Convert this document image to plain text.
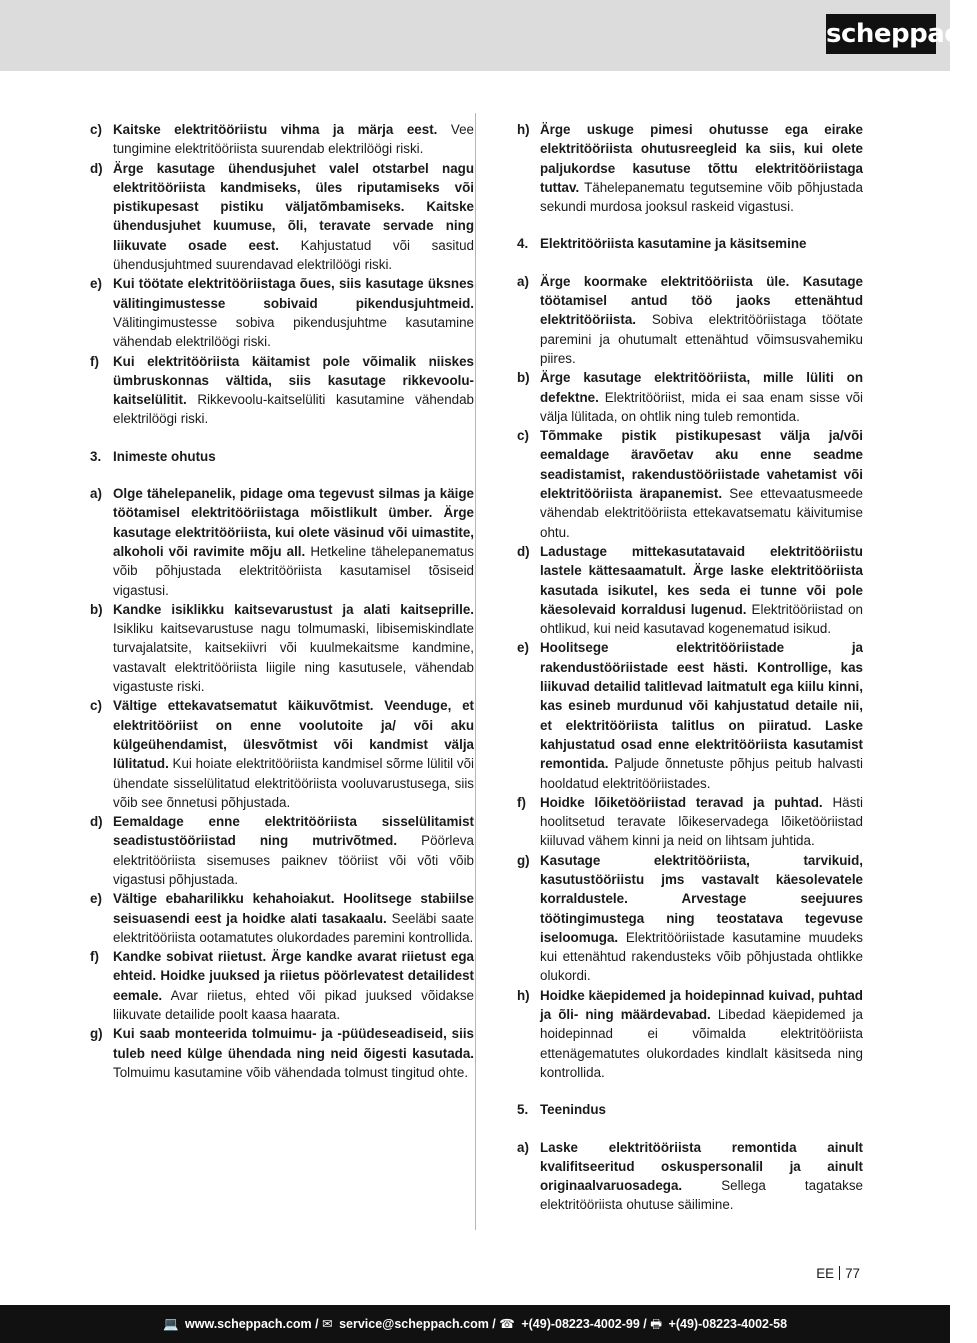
scheppach
c) Kaitske elektritööriistu vihma ja märja eest. Vee tungimine elektritööriista suurendab elektrilöögi riski.

d) Ärge kasutage ühendusjuhet valel otstarbel nagu elektritööriista kandmiseks, üles riputamiseks või pistikupesast pistiku väljatõmbamiseks. Kaitske ühendusjuhet kuumuse, õli, teravate servade ning liikuvate osade eest. Kahjustatud või sasitud ühendusjuhtmed suurendavad elektrilöögi riski.

e) Kui töötate elektritööriistaga õues, siis kasutage üksnes välitingimustesse sobivaid pikendusjuhtmeid. Välitingimustesse sobiva pikendusjuhtme kasutamine vähendab elektrilöögi riski.

f) Kui elektritööriista käitamist pole võimalik niiskes ümbruskonnas vältida, siis kasutage rikkevoolu-kaitselülitit. Rikkevoolu-kaitselüliti kasutamine vähendab elektrilöögi riski.

3. Inimeste ohutus
a) Olge tähelepanelik, pidage oma tegevust silmas ja käige töötamisel elektritööriistaga mõistlikult ümber. Ärge kasutage elektritööriista, kui olete väsinud või uimastite, alkoholi või ravimite mõju all. Hetkeline tähelepanematus võib põhjustada elektritööriista kasutamisel tõsiseid vigastusi.

b) Kandke isiklikku kaitsevarustust ja alati kaitseprille. Isikliku kaitsevarustuse nagu tolmumaski, libisemiskindlate turvajalatsite, kaitsekiivri või kuulmekaitsme kandmine, vastavalt elektritööriista liigile ning kasutusele, vähendab vigastuste riski.

c) Vältige ettekavatsematut käikuvõtmist. Veenduge, et elektritööriist on enne voolutoite ja/ või aku külgeühendamist, ülesvõtmist või kandmist välja lülitatud. Kui hoiate elektritööriista kandmisel sõrme lülitil või ühendate sisselülitatud elektritööriista vooluvarustusega, siis võib see õnnetusi põhjustada.

d) Eemaldage enne elektritööriista sisselülitamist seadistustööriistad ning mutrivõtmed. Pöörleva elektritööriista sisemuses paiknev tööriist või võti võib vigastusi põhjustada.

e) Vältige ebaharilikku kehahoiakut. Hoolitsege stabiilse seisuasendi eest ja hoidke alati tasakaalu. Seeläbi saate elektritööriista ootamatutes olukordades paremini kontrollida.

f) Kandke sobivat riietust. Ärge kandke avarat riietust ega ehteid. Hoidke juuksed ja riietus pöörlevatest detailidest eemale. Avar riietus, ehted või pikad juuksed võidakse liikuvate detailide poolt kaasa haarata.

g) Kui saab monteerida tolmuimu- ja -püüdeseadiseid, siis tuleb need külge ühendada ning neid õigesti kasutada. Tolmuimu kasutamine võib vähendada tolmust tingitud ohte.

h) Ärge uskuge pimesi ohutusse ega eirake elektritööriista ohutusreegleid ka siis, kui olete paljukordse kasutuse tõttu elektritööriistaga tuttav. Tähelepanematu tegutsemine võib põhjustada sekundi murdosa jooksul raskeid vigastusi.

4. Elektritööriista kasutamine ja käsitsemine
a) Ärge koormake elektritööriista üle. Kasutage töötamisel antud töö jaoks ettenähtud elektritööriista. Sobiva elektritööriistaga töötate paremini ja ohutumalt ettenähtud võimsusvahemiku piires.

b) Ärge kasutage elektritööriista, mille lüliti on defektne. Elektritööriist, mida ei saa enam sisse või välja lülitada, on ohtlik ning tuleb remontida.

c) Tõmmake pistik pistikupesast välja ja/või eemaldage äravõetav aku enne seadme seadistamist, rakendustööriistade vahetamist või elektritööriista ärapanemist. See ettevaatusmeede vähendab elektritööriista ettekavatsematu käivitumise ohtu.

d) Ladustage mittekasutatavaid elektritööriistu lastele kättesaamatult. Ärge laske elektritööriista kasutada isikutel, kes seda ei tunne või pole käesolevaid korraldusi lugenud. Elektritööriistad on ohtlikud, kui neid kasutavad kogenematud isikud.

e) Hoolitsege elektritööriistade ja rakendustööriistade eest hästi. Kontrollige, kas liikuvad detailid talitlevad laitmatult ega kiilu kinni, kas esineb murdunud või kahjustatud detaile nii, et elektritööriista talitlus on piiratud. Laske kahjustatud osad enne elektritööriista kasutamist remontida. Paljude õnnetuste põhjus peitub halvasti hooldatud elektritööriistades.

f) Hoidke lõiketööriistad teravad ja puhtad. Hästi hoolitsetud teravate lõikeservadega lõiketööriistad kiiluvad vähem kinni ja neid on lihtsam juhtida.

g) Kasutage elektritööriista, tarvikuid, kasutustööriistu jms vastavalt käesolevatele korraldustele. Arvestage seejuures töötingimustega ning teostatava tegevuse iseloomuga. Elektritööriistade kasutamine muudeks kui ettenähtud rakendusteks võib põhjustada ohtlikke olukordi.

h) Hoidke käepidemed ja hoidepinnad kuivad, puhtad ja õli- ning määrdevabad. Libedad käepidemed ja hoidepinnad ei võimalda elektritööriista ettenägematutes olukordades kindlalt käsitseda ning kontrollida.

5. Teenindus
a) Laske elektritööriista remontida ainult kvalifitseeritud oskuspersonalil ja ainult originaalvaruosadega. Sellega tagatakse elektritööriista ohutuse säilimine.

EE 77
💻 www.scheppach.com / ✉ service@scheppach.com / ☎ +(49)-08223-4002-99 / 🖶 +(49)-08223-4002-58
